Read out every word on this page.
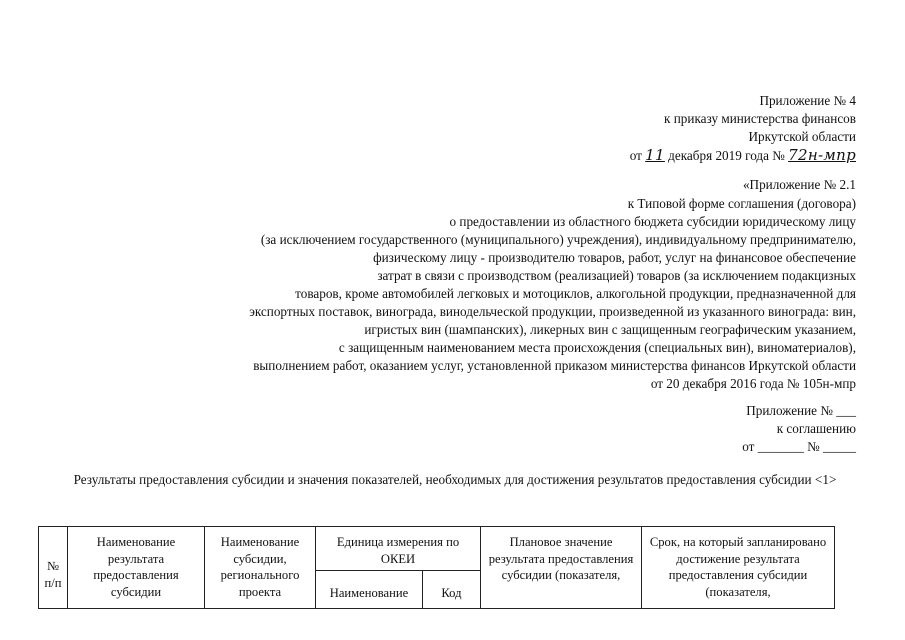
Приложение № 4
к приказу министерства финансов
Иркутской области
от 11 декабря 2019 года № 72н-мпр
«Приложение № 2.1
к Типовой форме соглашения (договора)
о предоставлении из областного бюджета субсидии юридическому лицу
(за исключением государственного (муниципального) учреждения), индивидуальному предпринимателю,
физическому лицу - производителю товаров, работ, услуг на финансовое обеспечение
затрат в связи с производством (реализацией) товаров (за исключением подакцизных
товаров, кроме автомобилей легковых и мотоциклов, алкогольной продукции, предназначенной для
экспортных поставок, винограда, винодельческой продукции, произведенной из указанного винограда: вин,
игристых вин (шампанских), ликерных вин с защищенным географическим указанием,
с защищенным наименованием места происхождения (специальных вин), виноматериалов),
выполнением работ, оказанием услуг, установленной приказом министерства финансов Иркутской области
от 20 декабря 2016 года № 105н-мпр
Приложение № ___
к соглашению
от _______ № _____
Результаты предоставления субсидии и значения показателей, необходимых для достижения результатов предоставления субсидии <1>
№ п/п	Наименование результата предоставления субсидии	Наименование субсидии, регионального проекта	Единица измерения по ОКЕИ		Плановое значение результата предоставления субсидии (показателя,	Срок, на который запланировано достижение результата предоставления субсидии (показателя,

			Наименование	Код		
